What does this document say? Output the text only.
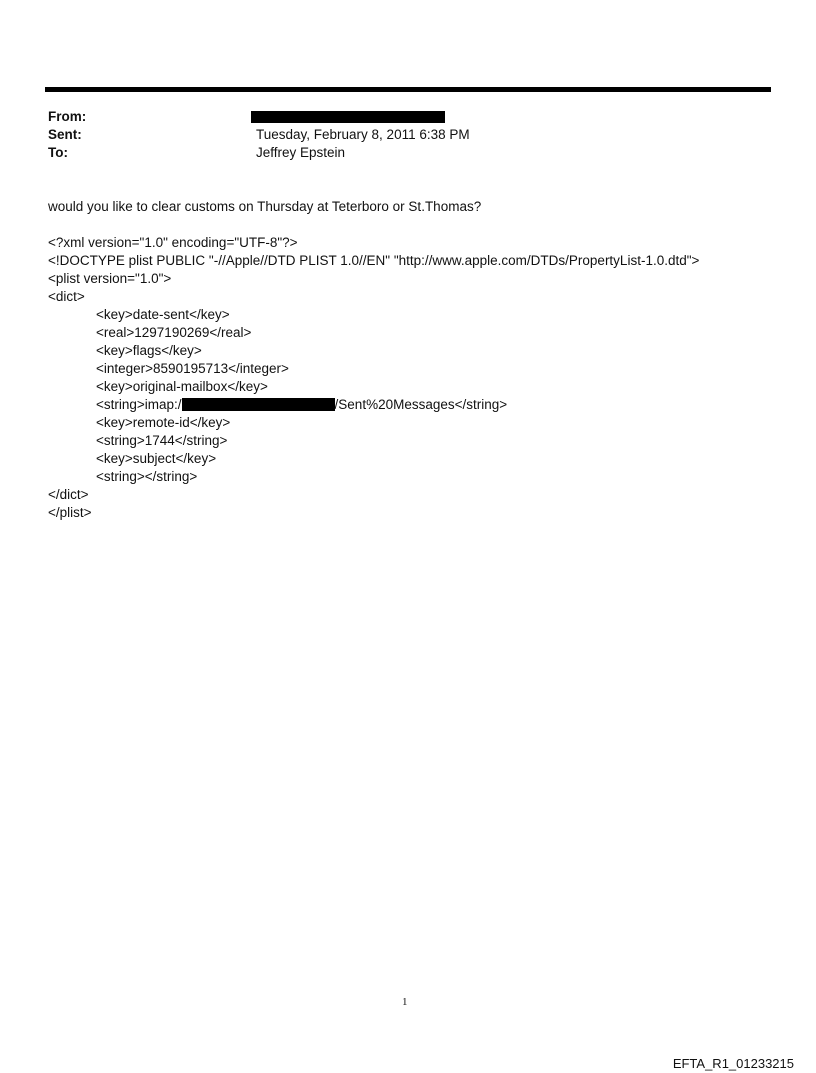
From:
Sent:	Tuesday, February 8, 2011 6:38 PM
To:	Jeffrey Epstein
would you like to clear customs on Thursday at Teterboro or St.Thomas?
<?xml version="1.0" encoding="UTF-8"?>
<!DOCTYPE plist PUBLIC "-//Apple//DTD PLIST 1.0//EN" "http://www.apple.com/DTDs/PropertyList-1.0.dtd">
<plist version="1.0">
<dict>
<key>date-sent</key>
<real>1297190269</real>
<key>flags</key>
<integer>8590195713</integer>
<key>original-mailbox</key>
<string>imap:/	/Sent%20Messages</string>
<key>remote-id</key>
<string>1744</string>
<key>subject</key>
<string></string>
</dict>
</plist>
1
EFTA_R1_01233215
